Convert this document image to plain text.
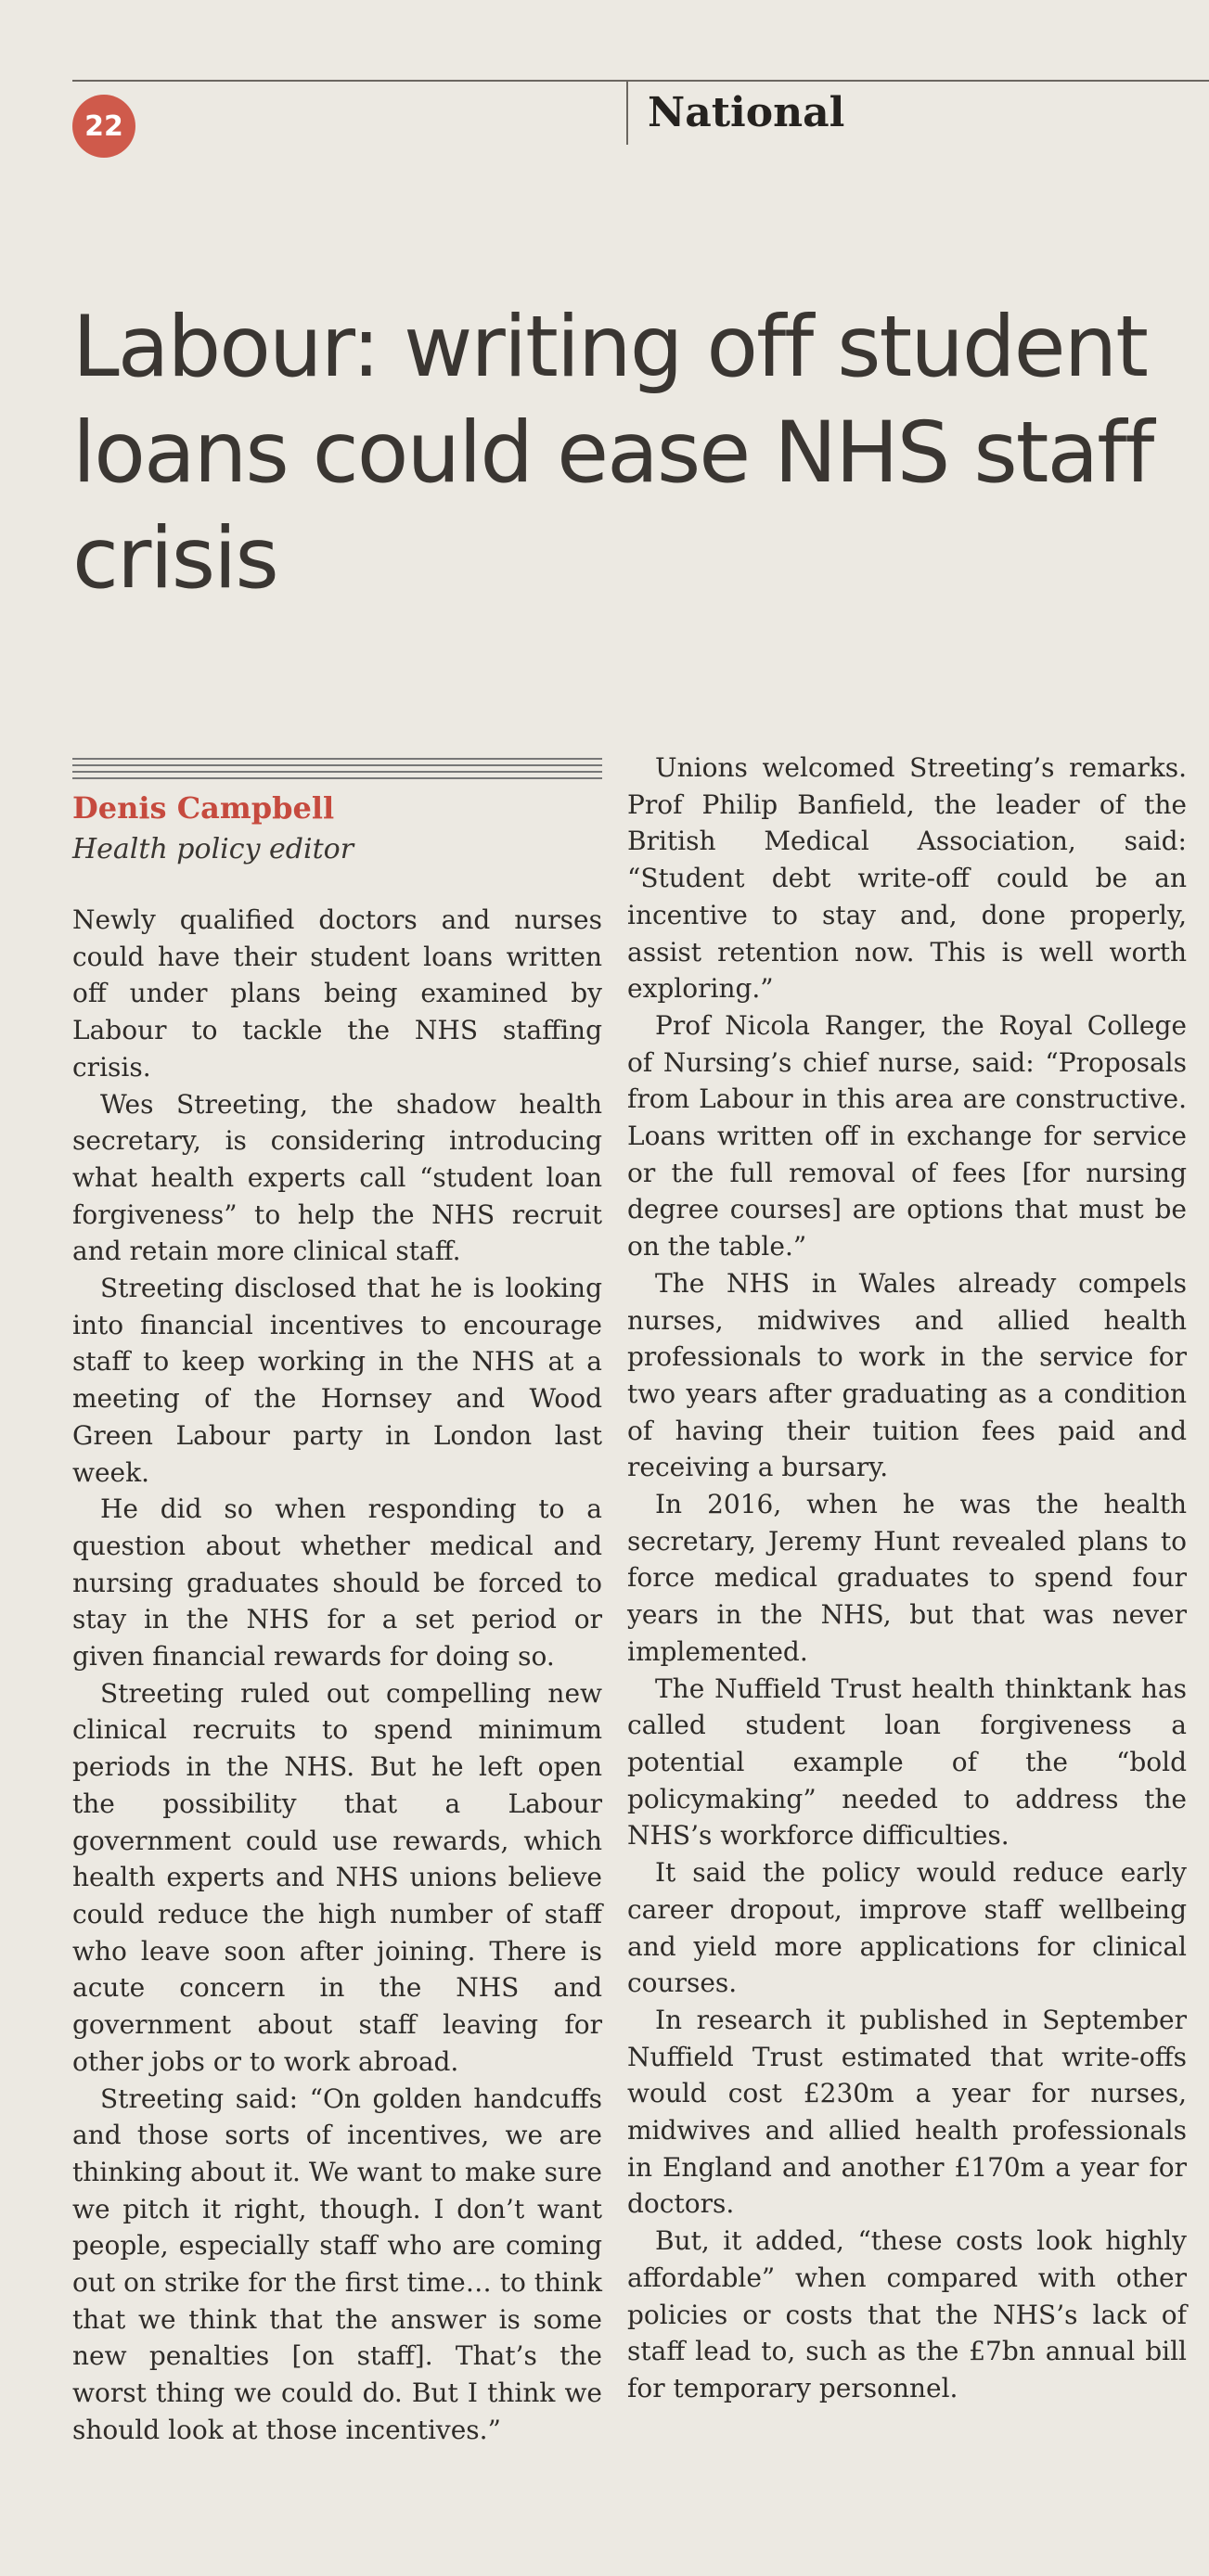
22	National
Labour: writing off student loans could ease NHS staff crisis
Denis Campbell
Health policy editor

Newly qualified doctors and nurses could have their student loans written off under plans being examined by Labour to tackle the NHS staffing crisis.

Wes Streeting, the shadow health secretary, is considering introducing what health experts call “student loan forgiveness” to help the NHS recruit and retain more clinical staff.

Streeting disclosed that he is looking into financial incentives to encourage staff to keep working in the NHS at a meeting of the Hornsey and Wood Green Labour party in London last week.

He did so when responding to a question about whether medical and nursing graduates should be forced to stay in the NHS for a set period or given financial rewards for doing so.

Streeting ruled out compelling new clinical recruits to spend minimum periods in the NHS. But he left open the possibility that a Labour government could use rewards, which health experts and NHS unions believe could reduce the high number of staff who leave soon after joining. There is acute concern in the NHS and government about staff leaving for other jobs or to work abroad.

Streeting said: “On golden handcuffs and those sorts of incentives, we are thinking about it. We want to make sure we pitch it right, though. I don’t want people, especially staff who are coming out on strike for the first time… to think that we think that the answer is some new penalties [on staff]. That’s the worst thing we could do. But I think we should look at those incentives.”

Unions welcomed Streeting’s remarks. Prof Philip Banfield, the leader of the British Medical Association, said: “Student debt write-off could be an incentive to stay and, done properly, assist retention now. This is well worth exploring.”

Prof Nicola Ranger, the Royal College of Nursing’s chief nurse, said: “Proposals from Labour in this area are constructive. Loans written off in exchange for service or the full removal of fees [for nursing degree courses] are options that must be on the table.”

The NHS in Wales already compels nurses, midwives and allied health professionals to work in the service for two years after graduating as a condition of having their tuition fees paid and receiving a bursary.

In 2016, when he was the health secretary, Jeremy Hunt revealed plans to force medical graduates to spend four years in the NHS, but that was never implemented.

The Nuffield Trust health thinktank has called student loan forgiveness a potential example of the “bold policymaking” needed to address the NHS’s workforce difficulties.

It said the policy would reduce early career dropout, improve staff wellbeing and yield more applications for clinical courses.

In research it published in September Nuffield Trust estimated that write-offs would cost £230m a year for nurses, midwives and allied health professionals in England and another £170m a year for doctors.

But, it added, “these costs look highly affordable” when compared with other policies or costs that the NHS’s lack of staff lead to, such as the £7bn annual bill for temporary personnel.
